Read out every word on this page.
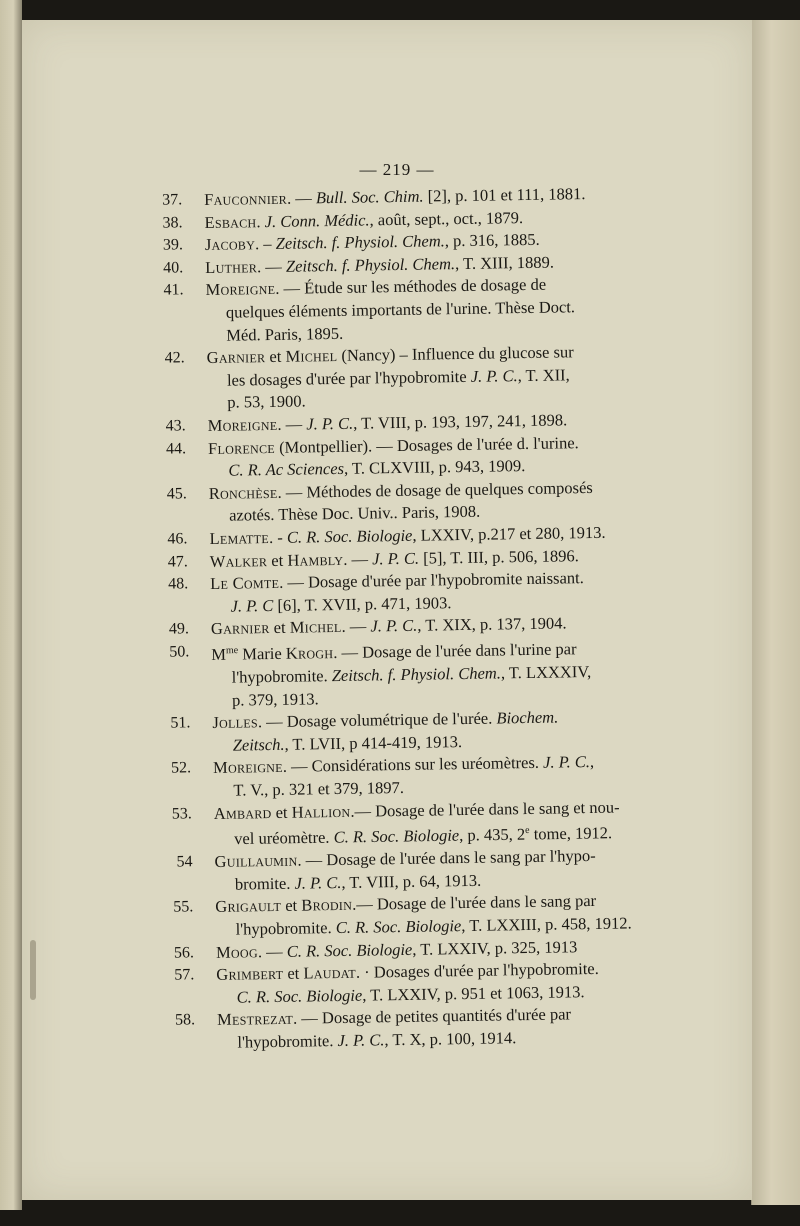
— 219 —
37. Fauconnier. — Bull. Soc. Chim. [2], p. 101 et 111, 1881.
38. Esbach. J. Conn. Médic., août, sept., oct., 1879.
39. Jacoby. – Zeitsch. f. Physiol. Chem., p. 316, 1885.
40. Luther. — Zeitsch. f. Physiol. Chem., T. XIII, 1889.
41. Moreigne. — Étude sur les méthodes de dosage de
quelques éléments importants de l'urine. Thèse Doct.
Méd. Paris, 1895.
42. Garnier et Michel (Nancy) – Influence du glucose sur
les dosages d'urée par l'hypobromite J. P. C., T. XII,
p. 53, 1900.
43. Moreigne. — J. P. C., T. VIII, p. 193, 197, 241, 1898.
44. Florence (Montpellier). — Dosages de l'urée d. l'urine.
C. R. Ac Sciences, T. CLXVIII, p. 943, 1909.
45. Ronchèse. — Méthodes de dosage de quelques composés
azotés. Thèse Doc. Univ.. Paris, 1908.
46. Lematte. - C. R. Soc. Biologie, LXXIV, p.217 et 280, 1913.
47. Walker et Hambly. — J. P. C. [5], T. III, p. 506, 1896.
48. Le Comte. — Dosage d'urée par l'hypobromite naissant.
J. P. C [6], T. XVII, p. 471, 1903.
49. Garnier et Michel. — J. P. C., T. XIX, p. 137, 1904.
50. $M^{me}$ Marie Krogh. — Dosage de l'urée dans l'urine par
l'hypobromite. Zeitsch. f. Physiol. Chem., T. LXXXIV,
p. 379, 1913.
51. Jolles. — Dosage volumétrique de l'urée. Biochem.
Zeitsch., T. LVII, p 414-419, 1913.
52. Moreigne. — Considérations sur les uréomètres. J. P. C.,
T. V., p. 321 et 379, 1897.
53. Ambard et Hallion.— Dosage de l'urée dans le sang et nou-
vel uréomètre. C. R. Soc. Biologie, p. 435, 2e tome, 1912.
54 Guillaumin. — Dosage de l'urée dans le sang par l'hypo-
bromite. J. P. C., T. VIII, p. 64, 1913.
55. Grigault et Brodin.— Dosage de l'urée dans le sang par
l'hypobromite. C. R. Soc. Biologie, T. LXXIII, p. 458, 1912.
56. Moog. — C. R. Soc. Biologie, T. LXXIV, p. 325, 1913
57. Grimbert et Laudat. · Dosages d'urée par l'hypobromite.
C. R. Soc. Biologie, T. LXXIV, p. 951 et 1063, 1913.
58. Mestrezat. — Dosage de petites quantités d'urée par
l'hypobromite. J. P. C., T. X, p. 100, 1914.
